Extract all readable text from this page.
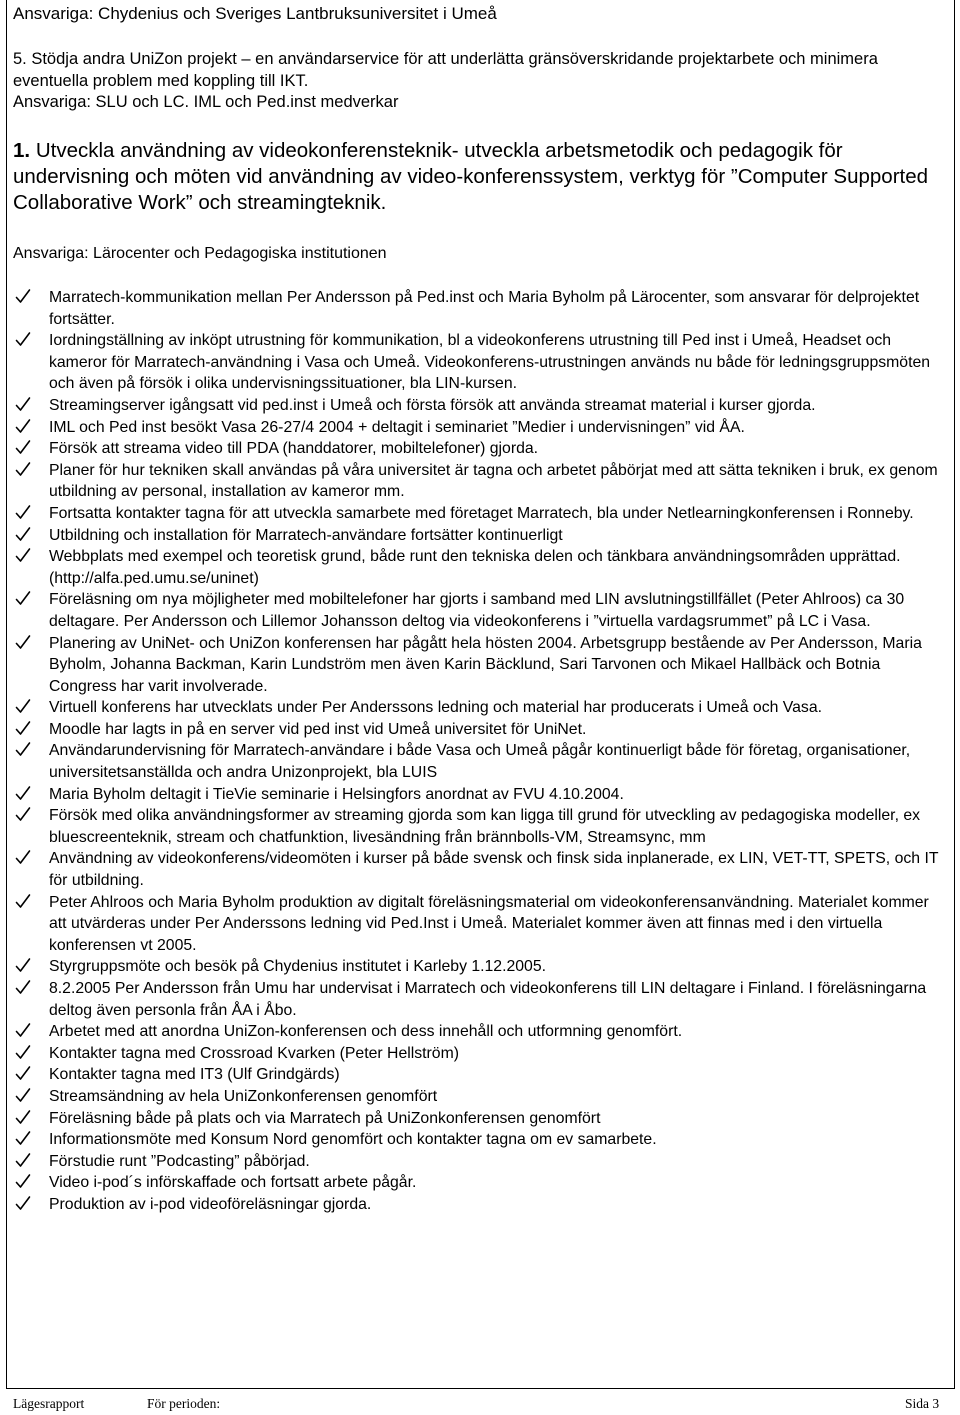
Ansvariga: Chydenius och Sveriges Lantbruksuniversitet i Umeå
5. Stödja andra UniZon projekt – en användarservice för att underlätta gränsöverskridande projektarbete och minimera eventuella problem med koppling till IKT.
Ansvariga: SLU och LC. IML och Ped.inst medverkar
1. Utveckla användning av videokonferensteknik- utveckla arbetsmetodik och pedagogik för undervisning och möten vid användning av video-konferenssystem, verktyg för ”Computer Supported Collaborative Work” och streamingteknik.
Ansvariga: Lärocenter och Pedagogiska institutionen
Marratech-kommunikation mellan Per Andersson på Ped.inst och Maria Byholm på Lärocenter, som ansvarar för delprojektet fortsätter.
Iordningställning av inköpt utrustning för kommunikation, bl a videokonferens utrustning till Ped inst i Umeå, Headset och kameror för Marratech-användning i Vasa och Umeå. Videokonferens-utrustningen används nu både för ledningsgruppsmöten och även på försök i olika undervisningssituationer, bla LIN-kursen.
Streamingserver igångsatt vid ped.inst i Umeå och första försök att använda streamat material i kurser gjorda.
IML och Ped inst besökt Vasa 26-27/4 2004 + deltagit i seminariet ”Medier i undervisningen” vid ÅA.
Försök att streama video till PDA (handdatorer, mobiltelefoner) gjorda.
Planer för hur tekniken skall användas på våra universitet är tagna och arbetet påbörjat med att sätta tekniken i bruk, ex genom utbildning av personal, installation av kameror mm.
Fortsatta kontakter tagna för att utveckla samarbete med företaget Marratech, bla under Netlearningkonferensen i Ronneby.
Utbildning och installation för Marratech-användare fortsätter kontinuerligt
Webbplats med exempel och teoretisk grund, både runt den tekniska delen och tänkbara användningsområden upprättad. (http://alfa.ped.umu.se/uninet)
Föreläsning om nya möjligheter med mobiltelefoner har gjorts i samband med LIN avslutningstillfället (Peter Ahlroos) ca 30 deltagare. Per Andersson och Lillemor Johansson deltog via videokonferens i ”virtuella vardagsrummet” på LC i Vasa.
Planering av UniNet- och UniZon konferensen har pågått hela hösten 2004. Arbetsgrupp bestående av Per Andersson, Maria Byholm, Johanna Backman, Karin Lundström men även Karin Bäcklund, Sari Tarvonen och Mikael Hallbäck och Botnia Congress har varit involverade.
Virtuell konferens har utvecklats under Per Anderssons ledning och material har producerats i Umeå och Vasa.
Moodle har lagts in på en server vid ped inst vid Umeå universitet för UniNet.
Användarundervisning för Marratech-användare i både Vasa och Umeå pågår kontinuerligt både för företag, organisationer, universitetsanställda och andra Unizonprojekt, bla LUIS
Maria Byholm deltagit i TieVie seminarie i Helsingfors anordnat av FVU 4.10.2004.
Försök med olika användningsformer av streaming gjorda som kan ligga till grund för utveckling av pedagogiska modeller, ex bluescreenteknik, stream och chatfunktion, livesändning från brännbolls-VM, Streamsync, mm
Användning av videokonferens/videomöten i kurser på både svensk och finsk sida inplanerade, ex LIN, VET-TT, SPETS, och IT för utbildning.
Peter Ahlroos och Maria Byholm produktion av digitalt föreläsningsmaterial om videokonferensanvändning. Materialet kommer att utvärderas under Per Anderssons ledning vid Ped.Inst i Umeå. Materialet kommer även att finnas med i den virtuella konferensen vt 2005.
Styrgruppsmöte och besök på Chydenius institutet i Karleby 1.12.2005.
8.2.2005 Per Andersson från Umu har undervisat i Marratech och videokonferens till LIN deltagare i Finland. I föreläsningarna deltog även personla från ÅA i Åbo.
Arbetet med att anordna UniZon-konferensen och dess innehåll och utformning genomfört.
Kontakter tagna med Crossroad Kvarken (Peter Hellström)
Kontakter tagna med IT3 (Ulf Grindgärds)
Streamsändning av hela UniZonkonferensen genomfört
Föreläsning både på plats och via Marratech på UniZonkonferensen genomfört
Informationsmöte med Konsum Nord genomfört och kontakter tagna om ev samarbete.
Förstudie runt ”Podcasting” påbörjad.
Video i-pod´s införskaffade och fortsatt arbete pågår.
Produktion av i-pod videoföreläsningar gjorda.
Lägesrapport	För perioden:	Sida 3
